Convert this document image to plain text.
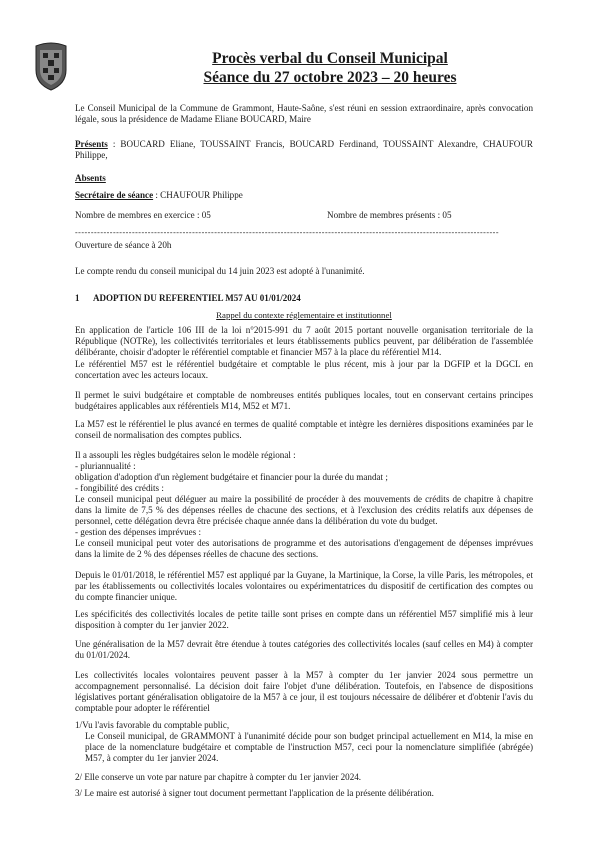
Procès verbal du Conseil Municipal
Séance du 27 octobre 2023 – 20 heures
Le Conseil Municipal de la Commune de Grammont, Haute-Saône, s'est réuni en session extraordinaire, après convocation légale, sous la présidence de Madame Eliane BOUCARD, Maire
Présents : BOUCARD Eliane, TOUSSAINT Francis, BOUCARD Ferdinand, TOUSSAINT Alexandre, CHAUFOUR Philippe,
Absents
Secrétaire de séance : CHAUFOUR Philippe
Nombre de membres en exercice : 05	Nombre de membres présents : 05
--------------------------------------------------------------------------------------------------------------------------------------
Ouverture de séance à 20h
Le compte rendu du conseil municipal du 14 juin 2023 est adopté à l'unanimité.
1 ADOPTION DU REFERENTIEL M57 AU 01/01/2024
Rappel du contexte réglementaire et institutionnel
En application de l'article 106 III de la loi n°2015-991 du 7 août 2015 portant nouvelle organisation territoriale de la République (NOTRe), les collectivités territoriales et leurs établissements publics peuvent, par délibération de l'assemblée délibérante, choisir d'adopter le référentiel comptable et financier M57 à la place du référentiel M14.
Le référentiel M57 est le référentiel budgétaire et comptable le plus récent, mis à jour par la DGFIP et la DGCL en concertation avec les acteurs locaux.
Il permet le suivi budgétaire et comptable de nombreuses entités publiques locales, tout en conservant certains principes budgétaires applicables aux référentiels M14, M52 et M71.
La M57 est le référentiel le plus avancé en termes de qualité comptable et intègre les dernières dispositions examinées par le conseil de normalisation des comptes publics.
Il a assoupli les règles budgétaires selon le modèle régional :
- pluriannualité :
obligation d'adoption d'un règlement budgétaire et financier pour la durée du mandat ;
- fongibilité des crédits :
Le conseil municipal peut déléguer au maire la possibilité de procéder à des mouvements de crédits de chapitre à chapitre dans la limite de 7,5 % des dépenses réelles de chacune des sections, et à l'exclusion des crédits relatifs aux dépenses de personnel, cette délégation devra être précisée chaque année dans la délibération du vote du budget.
- gestion des dépenses imprévues :
Le conseil municipal peut voter des autorisations de programme et des autorisations d'engagement de dépenses imprévues dans la limite de 2 % des dépenses réelles de chacune des sections.
Depuis le 01/01/2018, le référentiel M57 est appliqué par la Guyane, la Martinique, la Corse, la ville Paris, les métropoles, et par les établissements ou collectivités locales volontaires ou expérimentatrices du dispositif de certification des comptes ou du compte financier unique.
Les spécificités des collectivités locales de petite taille sont prises en compte dans un référentiel M57 simplifié mis à leur disposition à compter du 1er janvier 2022.
Une généralisation de la M57 devrait être étendue à toutes catégories des collectivités locales (sauf celles en M4) à compter du 01/01/2024.
Les collectivités locales volontaires peuvent passer à la M57 à compter du 1er janvier 2024 sous permettre un accompagnement personnalisé. La décision doit faire l'objet d'une délibération. Toutefois, en l'absence de dispositions législatives portant généralisation obligatoire de la M57 à ce jour, il est toujours nécessaire de délibérer et d'obtenir l'avis du comptable pour adopter le référentiel
1/Vu l'avis favorable du comptable public,
Le Conseil municipal, de GRAMMONT à l'unanimité décide pour son budget principal actuellement en M14, la mise en place de la nomenclature budgétaire et comptable de l'instruction M57, ceci pour la nomenclature simplifiée (abrégée) M57, à compter du 1er janvier 2024.
2/ Elle conserve un vote par nature par chapitre à compter du 1er janvier 2024.
3/ Le maire est autorisé à signer tout document permettant l'application de la présente délibération.
